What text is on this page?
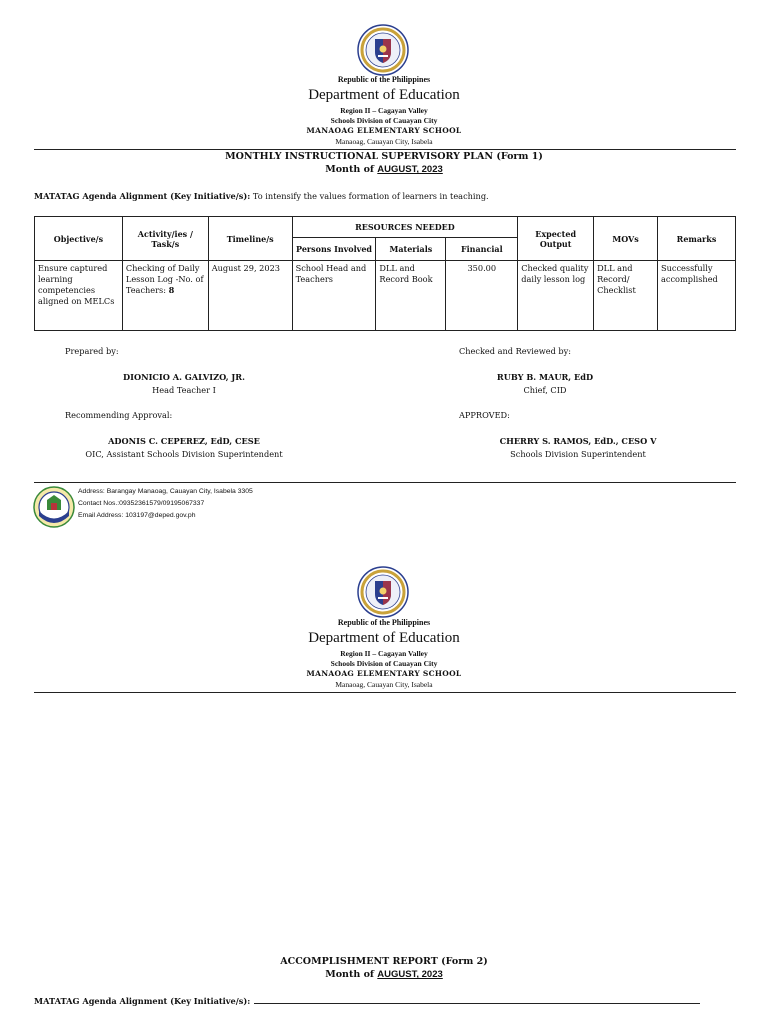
Republic of the Philippines
Department of Education
Region II – Cagayan Valley
Schools Division of Cauayan City
MANAOAG ELEMENTARY SCHOOL
Manaoag, Cauayan City, Isabela
MONTHLY INSTRUCTIONAL SUPERVISORY PLAN (Form 1)
Month of AUGUST, 2023
MATATAG Agenda Alignment (Key Initiative/s): To intensify the values formation of learners in teaching.
Objective/s	Activity/ies / Task/s	Timeline/s	RESOURCES NEEDED			Expected Output	MOVs	Remarks
			Persons Involved	Materials	Financial			
Ensure captured learning competencies aligned on MELCs	Checking of Daily Lesson Log -No. of Teachers: 8	August 29, 2023	School Head and Teachers	DLL and Record Book	350.00	Checked quality daily lesson log	DLL and Record/ Checklist	Successfully accomplished
Prepared by:
DIONICIO A. GALVIZO, JR.
Head Teacher I
Checked and Reviewed by:
RUBY B. MAUR, EdD
Chief, CID
Recommending Approval:
ADONIS C. CEPEREZ, EdD, CESE
OIC, Assistant Schools Division Superintendent
APPROVED:
CHERRY S. RAMOS, EdD., CESO V
Schools Division Superintendent
Address: Barangay Manaoag, Cauayan City, Isabela 3305
Contact Nos.:09352361579/09195067337
Email Address: 103197@deped.gov.ph
Republic of the Philippines
Department of Education
Region II – Cagayan Valley
Schools Division of Cauayan City
MANAOAG ELEMENTARY SCHOOL
Manaoag, Cauayan City, Isabela
ACCOMPLISHMENT REPORT (Form 2)
Month of AUGUST, 2023
MATATAG Agenda Alignment (Key Initiative/s):
